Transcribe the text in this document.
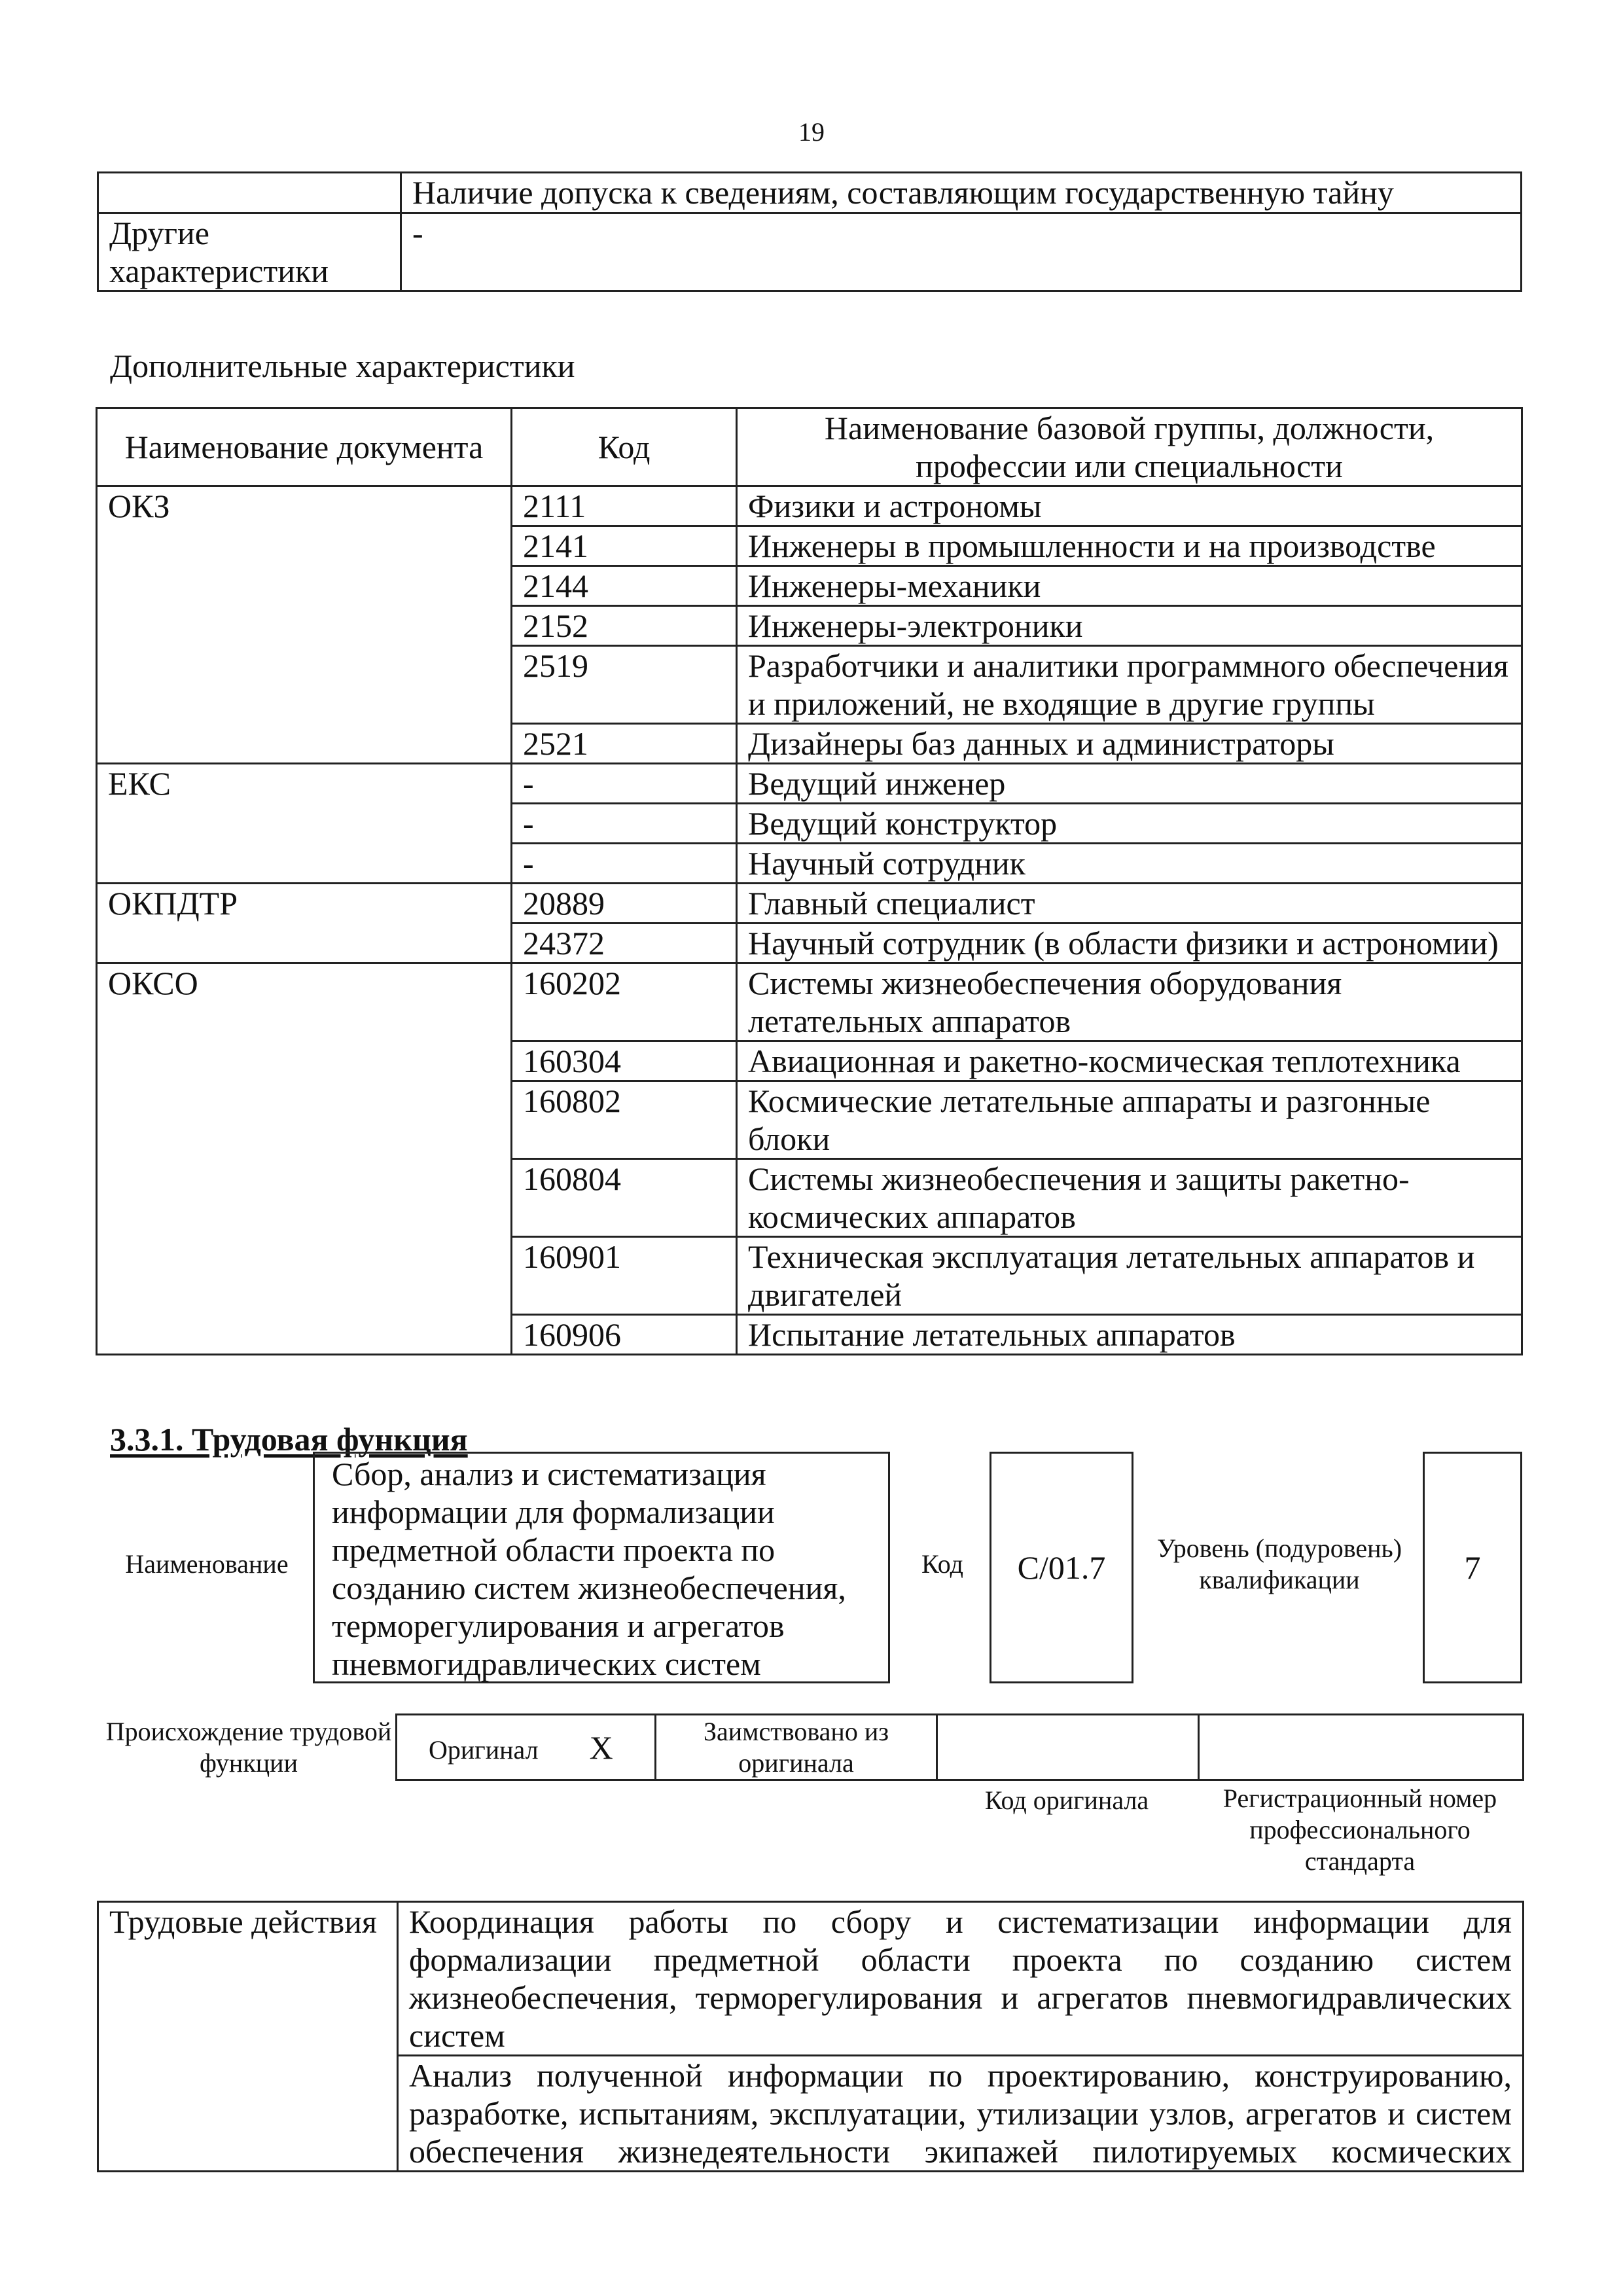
19
	Наличие допуска к сведениям, составляющим государственную тайну
Другие характеристики	-
Дополнительные характеристики
Наименование документа	Код	Наименование базовой группы, должности, профессии или специальности
ОКЗ	2111	Физики и астрономы
	2141	Инженеры в промышленности и на производстве
	2144	Инженеры-механики
	2152	Инженеры-электроники
	2519	Разработчики и аналитики программного обеспечения и приложений, не входящие в другие группы
	2521	Дизайнеры баз данных и администраторы
ЕКС	-	Ведущий инженер
	-	Ведущий конструктор
	-	Научный сотрудник
ОКПДТР	20889	Главный специалист
	24372	Научный сотрудник (в области физики и астрономии)
ОКСО	160202	Системы жизнеобеспечения оборудования летательных аппаратов
	160304	Авиационная и ракетно-космическая теплотехника
	160802	Космические летательные аппараты и разгонные блоки
	160804	Системы жизнеобеспечения и защиты ракетно-космических аппаратов
	160901	Техническая эксплуатация летательных аппаратов и двигателей
	160906	Испытание летательных аппаратов
3.3.1. Трудовая функция
Наименование
Сбор, анализ и систематизация информации для формализации предметной области проекта по созданию систем жизнеобеспечения, терморегулирования и агрегатов пневмогидравлических систем
Код	С/01.7
Уровень (подуровень) квалификации	7
Происхождение трудовой функции	Оригинал X	Заимствовано из оригинала		
Код оригинала	Регистрационный номер профессионального стандарта
Трудовые действия	Координация работы по сбору и систематизации информации для формализации предметной области проекта по созданию систем жизнеобеспечения, терморегулирования и агрегатов пневмогидравлических систем
Анализ полученной информации по проектированию, конструированию, разработке, испытаниям, эксплуатации, утилизации узлов, агрегатов и систем обеспечения жизнедеятельности экипажей пилотируемых космических
